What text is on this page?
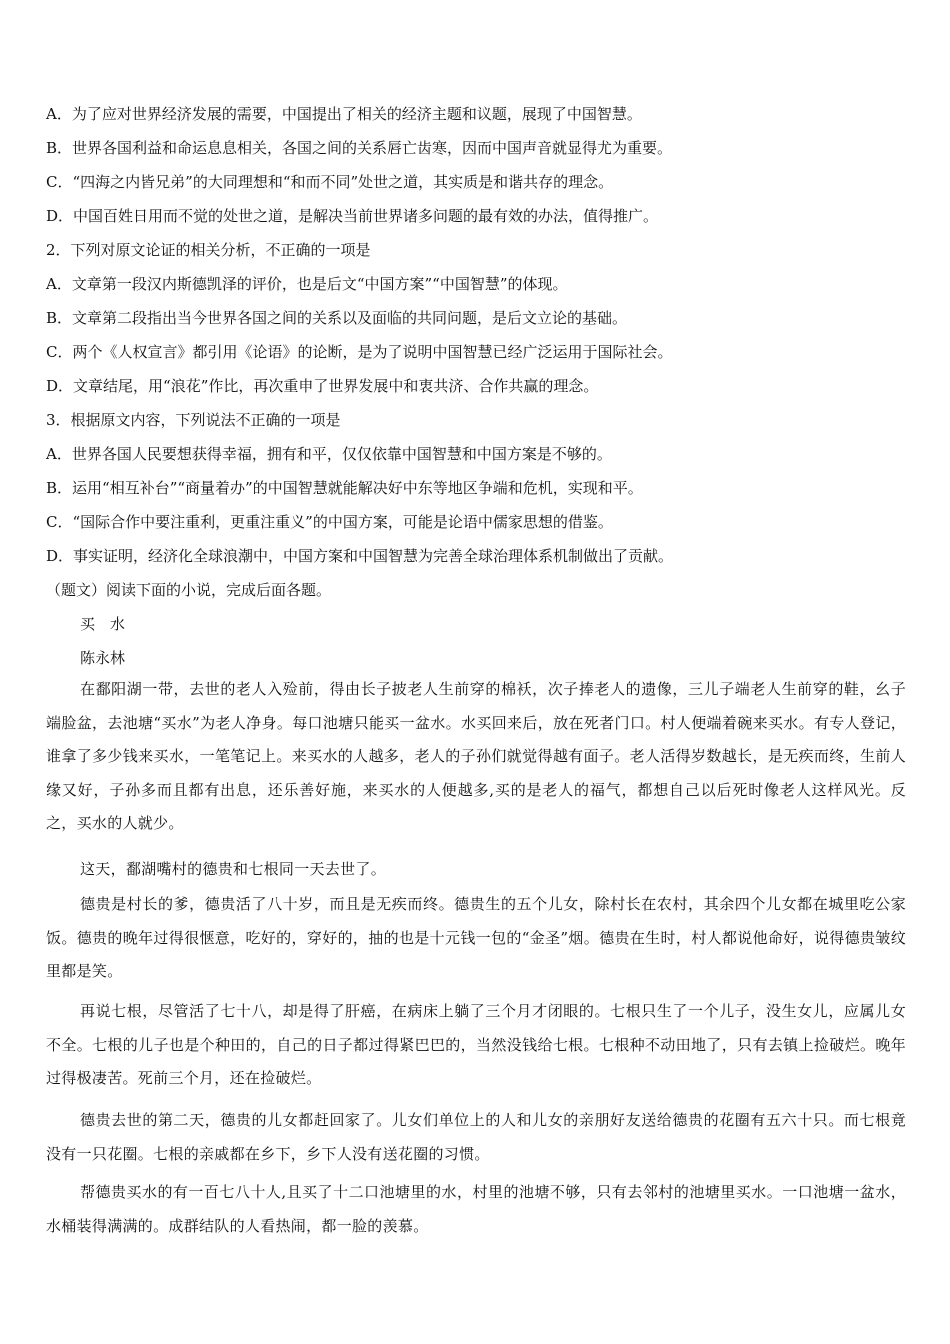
A．为了应对世界经济发展的需要，中国提出了相关的经济主题和议题，展现了中国智慧。
B．世界各国利益和命运息息相关，各国之间的关系唇亡齿寒，因而中国声音就显得尤为重要。
C．“四海之内皆兄弟”的大同理想和“和而不同”处世之道，其实质是和谐共存的理念。
D．中国百姓日用而不觉的处世之道，是解决当前世界诸多问题的最有效的办法，值得推广。
2．下列对原文论证的相关分析，不正确的一项是
A．文章第一段汉内斯德凯泽的评价，也是后文“中国方案”“中国智慧”的体现。
B．文章第二段指出当今世界各国之间的关系以及面临的共同问题，是后文立论的基础。
C．两个《人权宣言》都引用《论语》的论断，是为了说明中国智慧已经广泛运用于国际社会。
D．文章结尾，用“浪花”作比，再次重申了世界发展中和衷共济、合作共赢的理念。
3．根据原文内容，下列说法不正确的一项是
A．世界各国人民要想获得幸福，拥有和平，仅仅依靠中国智慧和中国方案是不够的。
B．运用“相互补台”“商量着办”的中国智慧就能解决好中东等地区争端和危机，实现和平。
C．“国际合作中要注重利，更重注重义”的中国方案，可能是论语中儒家思想的借鉴。
D．事实证明，经济化全球浪潮中，中国方案和中国智慧为完善全球治理体系机制做出了贡献。
（题文）阅读下面的小说，完成后面各题。
买　水
陈永林

在鄱阳湖一带，去世的老人入殓前，得由长子披老人生前穿的棉袄，次子捧老人的遗像，三儿子端老人生前穿的鞋，幺子端脸盆，去池塘“买水”为老人净身。每口池塘只能买一盆水。水买回来后，放在死者门口。村人便端着碗来买水。有专人登记，谁拿了多少钱来买水，一笔笔记上。来买水的人越多，老人的子孙们就觉得越有面子。老人活得岁数越长，是无疾而终，生前人缘又好，子孙多而且都有出息，还乐善好施，来买水的人便越多,买的是老人的福气，都想自己以后死时像老人这样风光。反之，买水的人就少。

这天，鄱湖嘴村的德贵和七根同一天去世了。

德贵是村长的爹，德贵活了八十岁，而且是无疾而终。德贵生的五个儿女，除村长在农村，其余四个儿女都在城里吃公家饭。德贵的晚年过得很惬意，吃好的，穿好的，抽的也是十元钱一包的“金圣”烟。德贵在生时，村人都说他命好，说得德贵皱纹里都是笑。

再说七根，尽管活了七十八，却是得了肝癌，在病床上躺了三个月才闭眼的。七根只生了一个儿子，没生女儿，应属儿女不全。七根的儿子也是个种田的，自己的日子都过得紧巴巴的，当然没钱给七根。七根种不动田地了，只有去镇上捡破烂。晚年过得极凄苦。死前三个月，还在捡破烂。

德贵去世的第二天，德贵的儿女都赶回家了。儿女们单位上的人和儿女的亲朋好友送给德贵的花圈有五六十只。而七根竟没有一只花圈。七根的亲戚都在乡下，乡下人没有送花圈的习惯。

帮德贵买水的有一百七八十人,且买了十二口池塘里的水，村里的池塘不够，只有去邻村的池塘里买水。一口池塘一盆水，水桶装得满满的。成群结队的人看热闹，都一脸的羡慕。
